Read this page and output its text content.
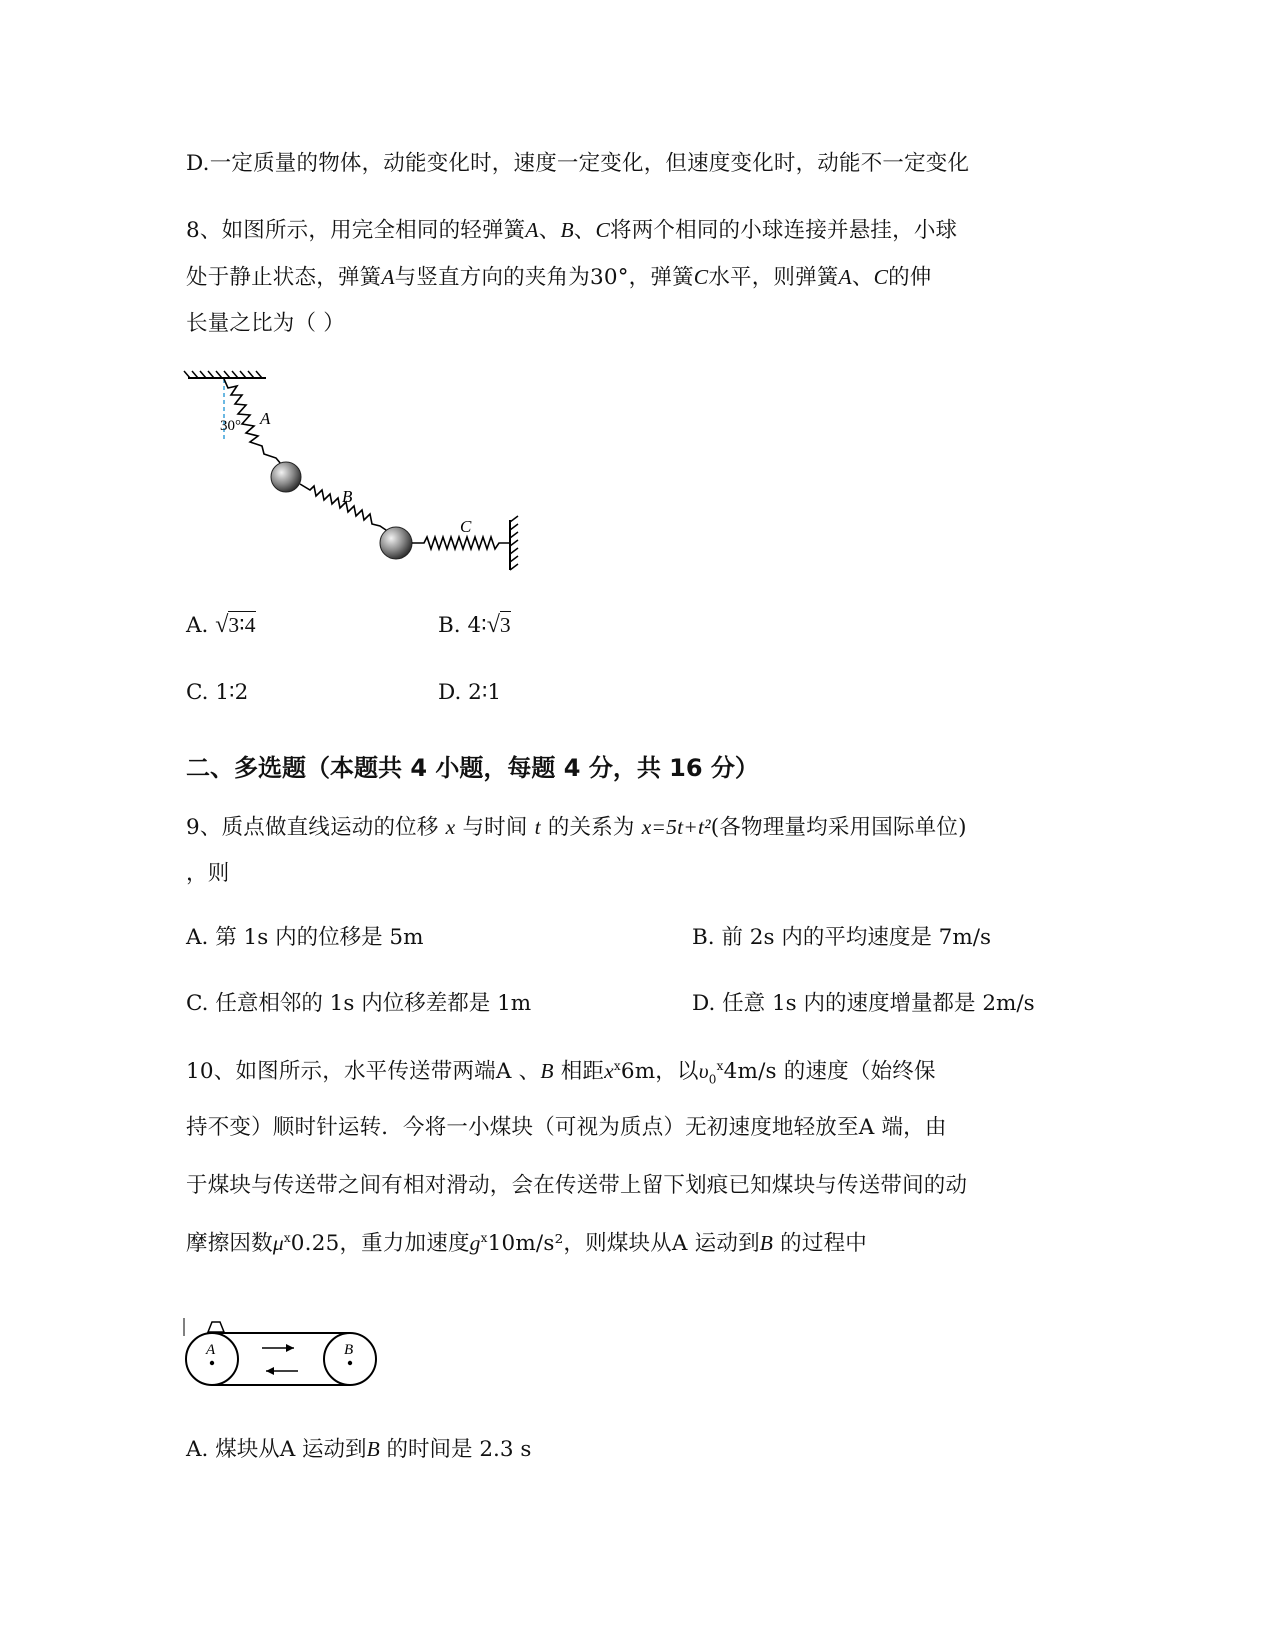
D.一定质量的物体，动能变化时，速度一定变化，但速度变化时，动能不一定变化
8、如图所示，用完全相同的轻弹簧A、B、C将两个相同的小球连接并悬挂，小球
处于静止状态，弹簧A与竖直方向的夹角为30°，弹簧C水平，则弹簧A、C的伸
长量之比为（ ）
30° A
B
C
A. √3∶4	B. 4∶√3
C. 1∶2	D. 2∶1
二、多选题（本题共 4 小题，每题 4 分，共 16 分）
9、质点做直线运动的位移 x 与时间 t 的关系为 x=5t+t²(各物理量均采用国际单位)
，则
A. 第 1s 内的位移是 5m	B. 前 2s 内的平均速度是 7m/s
C. 任意相邻的 1s 内位移差都是 1m	D. 任意 1s 内的速度增量都是 2m/s
10、如图所示，水平传送带两端A 、B 相距$x^ⅹ6m$，以$\upsilon_0^ⅹ4m/s$ 的速度（始终保
持不变）顺时针运转．今将一小煤块（可视为质点）无初速度地轻放至A 端，由
于煤块与传送带之间有相对滑动，会在传送带上留下划痕已知煤块与传送带间的动
摩擦因数$\mu^ⅹ0.25$，重力加速度$g^ⅹ10m/s^2$，则煤块从A 运动到B 的过程中
A	B
A. 煤块从A 运动到B 的时间是 2.3 s
